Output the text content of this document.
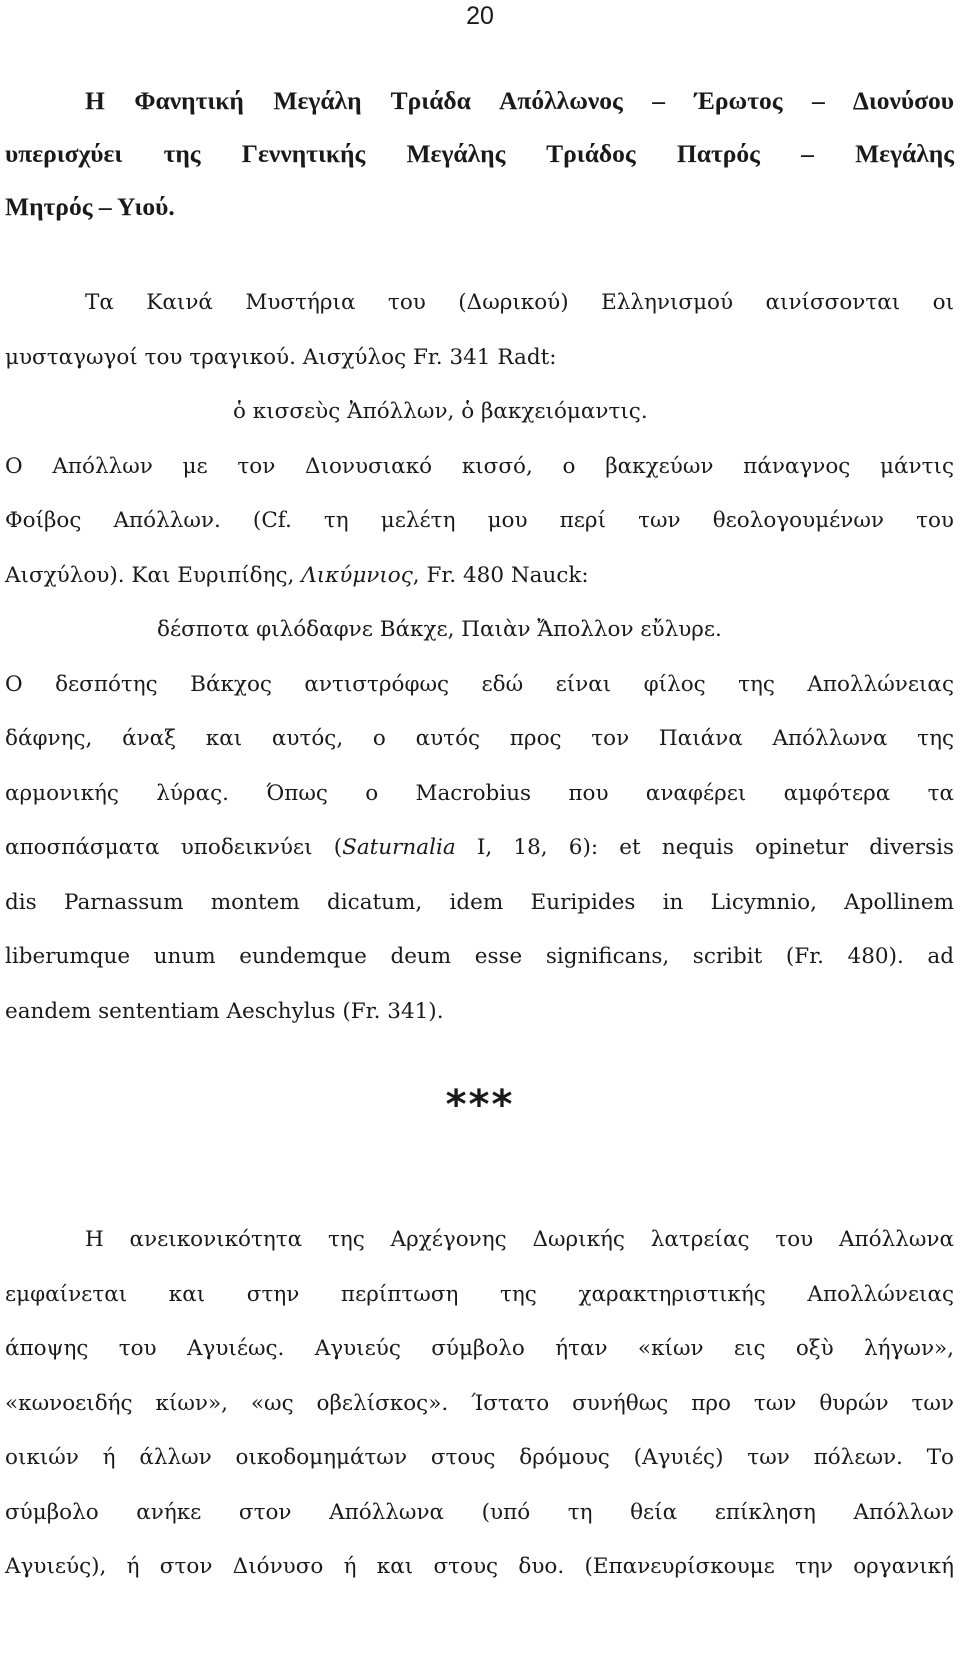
20
Η Φανητική Μεγάλη Τριάδα Απόλλωνος – Έρωτος – Διονύσου
υπερισχύει της Γεννητικής Μεγάλης Τριάδος Πατρός – Μεγάλης
Μητρός – Υιού.
Τα Καινά Μυστήρια του (Δωρικού) Ελληνισμού αινίσσονται οι
μυσταγωγοί του τραγικού. Αισχύλος Fr. 341 Radt:
ὁ κισσεὺς Ἀπόλλων, ὁ βακχειόμαντις.
Ο Απόλλων με τον Διονυσιακό κισσό, ο βακχεύων πάναγνος μάντις
Φοίβος Απόλλων. (Cf. τη μελέτη μου περί των θεολογουμένων του
Αισχύλου). Και Ευριπίδης, Λικύμνιος, Fr. 480 Nauck:
δέσποτα φιλόδαφνε Βάκχε, Παιὰν Ἄπολλον εὔλυρε.
Ο δεσπότης Βάκχος αντιστρόφως εδώ είναι φίλος της Απολλώνειας
δάφνης, άναξ και αυτός, ο αυτός προς τον Παιάνα Απόλλωνα της
αρμονικής λύρας. Όπως ο Macrobius που αναφέρει αμφότερα τα
αποσπάσματα υποδεικνύει (Saturnalia I, 18, 6): et nequis opinetur diversis
dis Parnassum montem dicatum, idem Euripides in Licymnio, Apollinem
liberumque unum eundemque deum esse significans, scribit (Fr. 480). ad
eandem sententiam Aeschylus (Fr. 341).
***
Η ανεικονικότητα της Αρχέγονης Δωρικής λατρείας του Απόλλωνα
εμφαίνεται και στην περίπτωση της χαρακτηριστικής Απολλώνειας
άποψης του Αγυιέως. Αγυιεύς σύμβολο ήταν «κίων εις οξὺ λήγων»,
«κωνοειδής κίων», «ως οβελίσκος». Ίστατο συνήθως προ των θυρών των
οικιών ή άλλων οικοδομημάτων στους δρόμους (Αγυιές) των πόλεων. Το
σύμβολο ανήκε στον Απόλλωνα (υπό τη θεία επίκληση Απόλλων
Αγυιεύς), ή στον Διόνυσο ή και στους δυο. (Επανευρίσκουμε την οργανική
